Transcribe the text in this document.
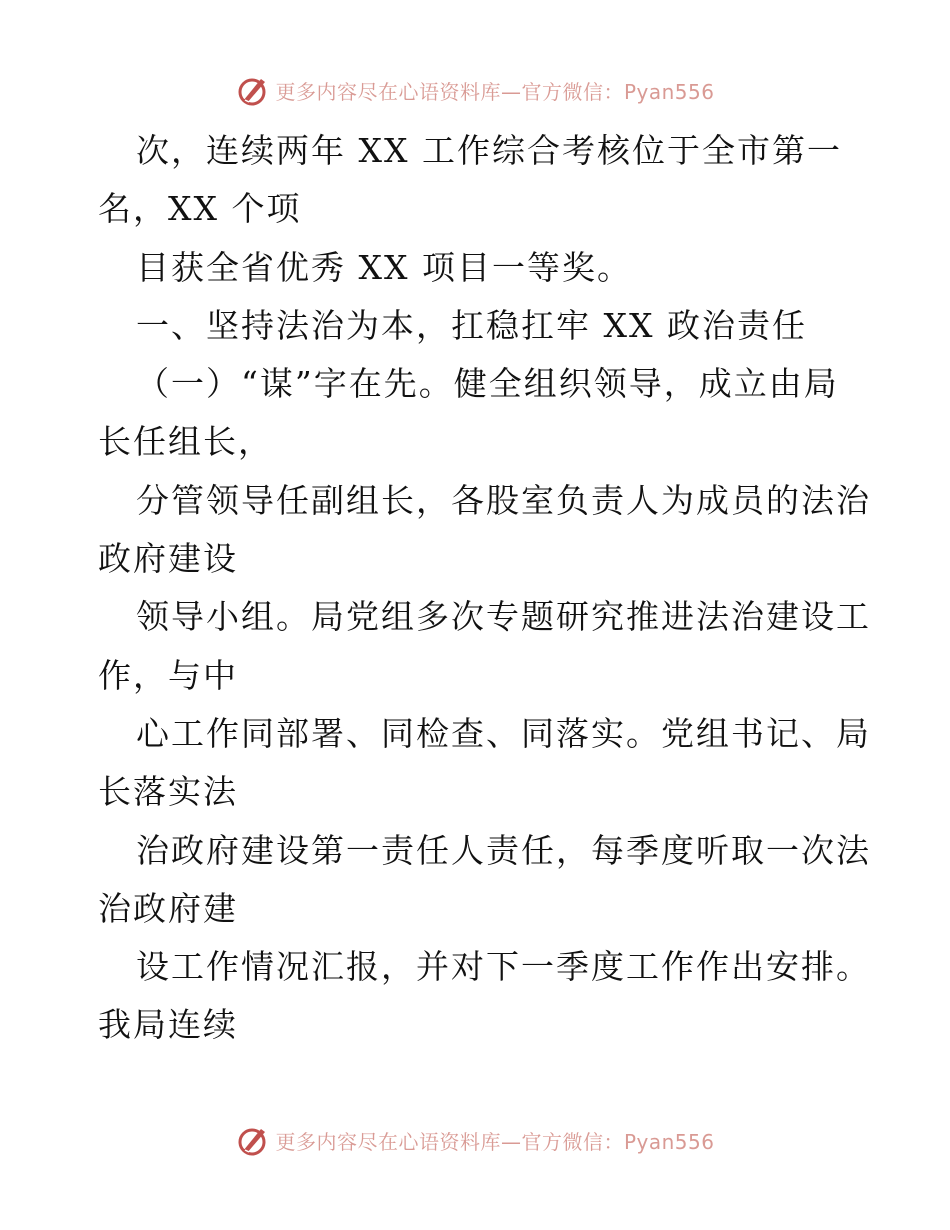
更多内容尽在心语资料库—官方微信：Pyan556
次，连续两年 XX 工作综合考核位于全市第一
名，XX 个项
目获全省优秀 XX 项目一等奖。
一、坚持法治为本，扛稳扛牢 XX 政治责任
（一）“谋”字在先。健全组织领导，成立由局
长任组长，
分管领导任副组长，各股室负责人为成员的法治
政府建设
领导小组。局党组多次专题研究推进法治建设工
作，与中
心工作同部署、同检查、同落实。党组书记、局
长落实法
治政府建设第一责任人责任，每季度听取一次法
治政府建
设工作情况汇报，并对下一季度工作作出安排。
我局连续
更多内容尽在心语资料库—官方微信：Pyan556
